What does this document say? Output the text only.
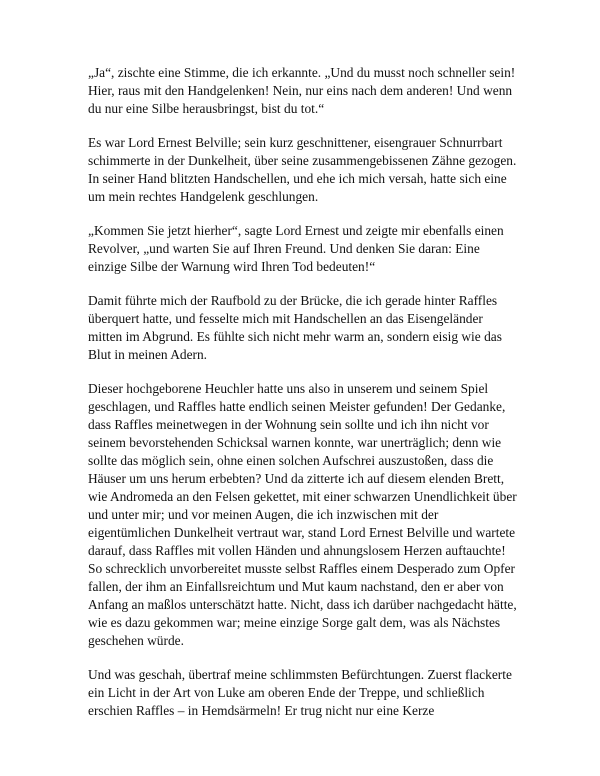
„Ja“, zischte eine Stimme, die ich erkannte. „Und du musst noch schneller sein! Hier, raus mit den Handgelenken! Nein, nur eins nach dem anderen! Und wenn du nur eine Silbe herausbringst, bist du tot.“

Es war Lord Ernest Belville; sein kurz geschnittener, eisengrauer Schnurrbart schimmerte in der Dunkelheit, über seine zusammengebissenen Zähne gezogen. In seiner Hand blitzten Handschellen, und ehe ich mich versah, hatte sich eine um mein rechtes Handgelenk geschlungen.

„Kommen Sie jetzt hierher“, sagte Lord Ernest und zeigte mir ebenfalls einen Revolver, „und warten Sie auf Ihren Freund. Und denken Sie daran: Eine einzige Silbe der Warnung wird Ihren Tod bedeuten!“

Damit führte mich der Raufbold zu der Brücke, die ich gerade hinter Raffles überquert hatte, und fesselte mich mit Handschellen an das Eisengeländer mitten im Abgrund. Es fühlte sich nicht mehr warm an, sondern eisig wie das Blut in meinen Adern.

Dieser hochgeborene Heuchler hatte uns also in unserem und seinem Spiel geschlagen, und Raffles hatte endlich seinen Meister gefunden! Der Gedanke, dass Raffles meinetwegen in der Wohnung sein sollte und ich ihn nicht vor seinem bevorstehenden Schicksal warnen konnte, war unerträglich; denn wie sollte das möglich sein, ohne einen solchen Aufschrei auszustoßen, dass die Häuser um uns herum erbebten? Und da zitterte ich auf diesem elenden Brett, wie Andromeda an den Felsen gekettet, mit einer schwarzen Unendlichkeit über und unter mir; und vor meinen Augen, die ich inzwischen mit der eigentümlichen Dunkelheit vertraut war, stand Lord Ernest Belville und wartete darauf, dass Raffles mit vollen Händen und ahnungslosem Herzen auftauchte! So schrecklich unvorbereitet musste selbst Raffles einem Desperado zum Opfer fallen, der ihm an Einfallsreichtum und Mut kaum nachstand, den er aber von Anfang an maßlos unterschätzt hatte. Nicht, dass ich darüber nachgedacht hätte, wie es dazu gekommen war; meine einzige Sorge galt dem, was als Nächstes geschehen würde.

Und was geschah, übertraf meine schlimmsten Befürchtungen. Zuerst flackerte ein Licht in der Art von Luke am oberen Ende der Treppe, und schließlich erschien Raffles – in Hemdsärmeln! Er trug nicht nur eine Kerze
